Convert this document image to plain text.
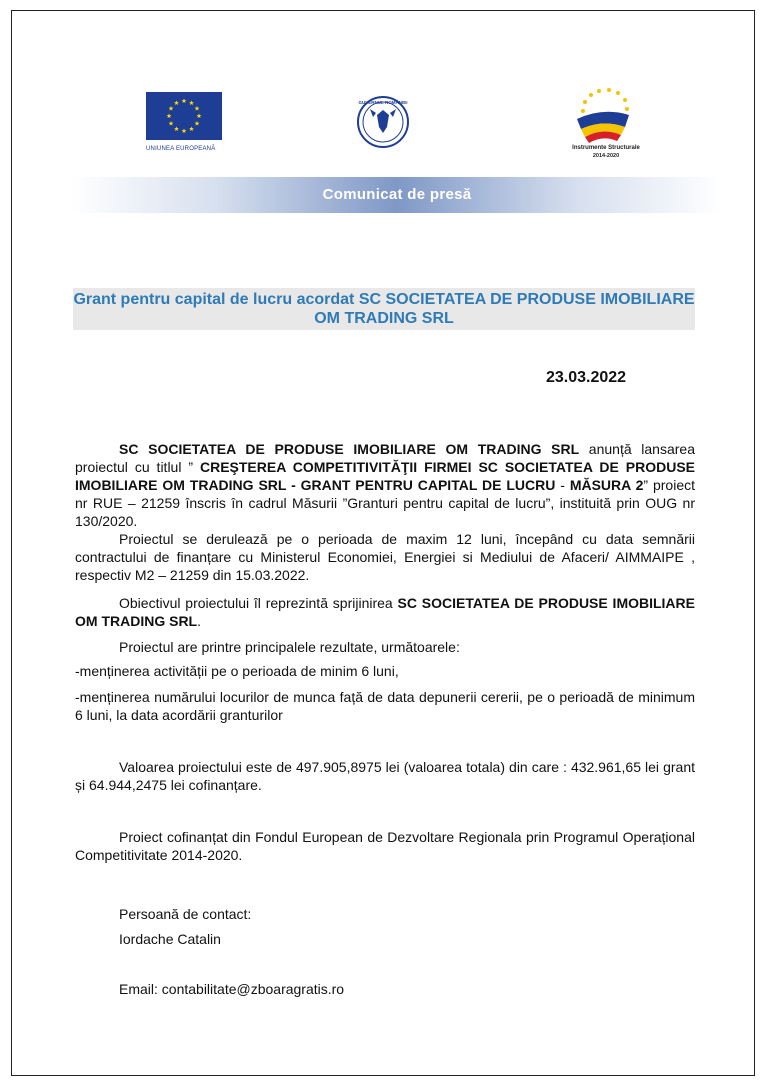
UNIUNEA EUROPEANĂ
GUVERNUL ROMÂNIEI
Instrumente Structurale
2014-2020
Comunicat de presă
Grant pentru capital de lucru acordat SC SOCIETATEA DE PRODUSE IMOBILIARE OM TRADING SRL
23.03.2022
SC SOCIETATEA DE PRODUSE IMOBILIARE OM TRADING SRL anunță lansarea proiectul cu titlul ” CREŞTEREA COMPETITIVITĂŢII FIRMEI SC SOCIETATEA DE PRODUSE IMOBILIARE OM TRADING SRL - GRANT PENTRU CAPITAL DE LUCRU - MĂSURA 2” proiect nr RUE – 21259 înscris în cadrul Măsurii ”Granturi pentru capital de lucru”, instituită prin OUG nr 130/2020.
Proiectul se derulează pe o perioada de maxim 12 luni, începând cu data semnării contractului de finanțare cu Ministerul Economiei, Energiei si Mediului de Afaceri/ AIMMAIPE , respectiv M2 – 21259 din 15.03.2022.
Obiectivul proiectului îl reprezintă sprijinirea SC SOCIETATEA DE PRODUSE IMOBILIARE OM TRADING SRL.
Proiectul are printre principalele rezultate, următoarele:
-menținerea activității pe o perioada de minim 6 luni,
-menținerea numărului locurilor de munca față de data depunerii cererii, pe o perioadă de minimum 6 luni, la data acordării granturilor
Valoarea proiectului este de 497.905,8975 lei (valoarea totala) din care : 432.961,65 lei grant și 64.944,2475 lei cofinanțare.
Proiect cofinanțat din Fondul European de Dezvoltare Regionala prin Programul Operațional Competitivitate 2014-2020.
Persoană de contact:
Iordache Catalin
Email: contabilitate@zboaragratis.ro
